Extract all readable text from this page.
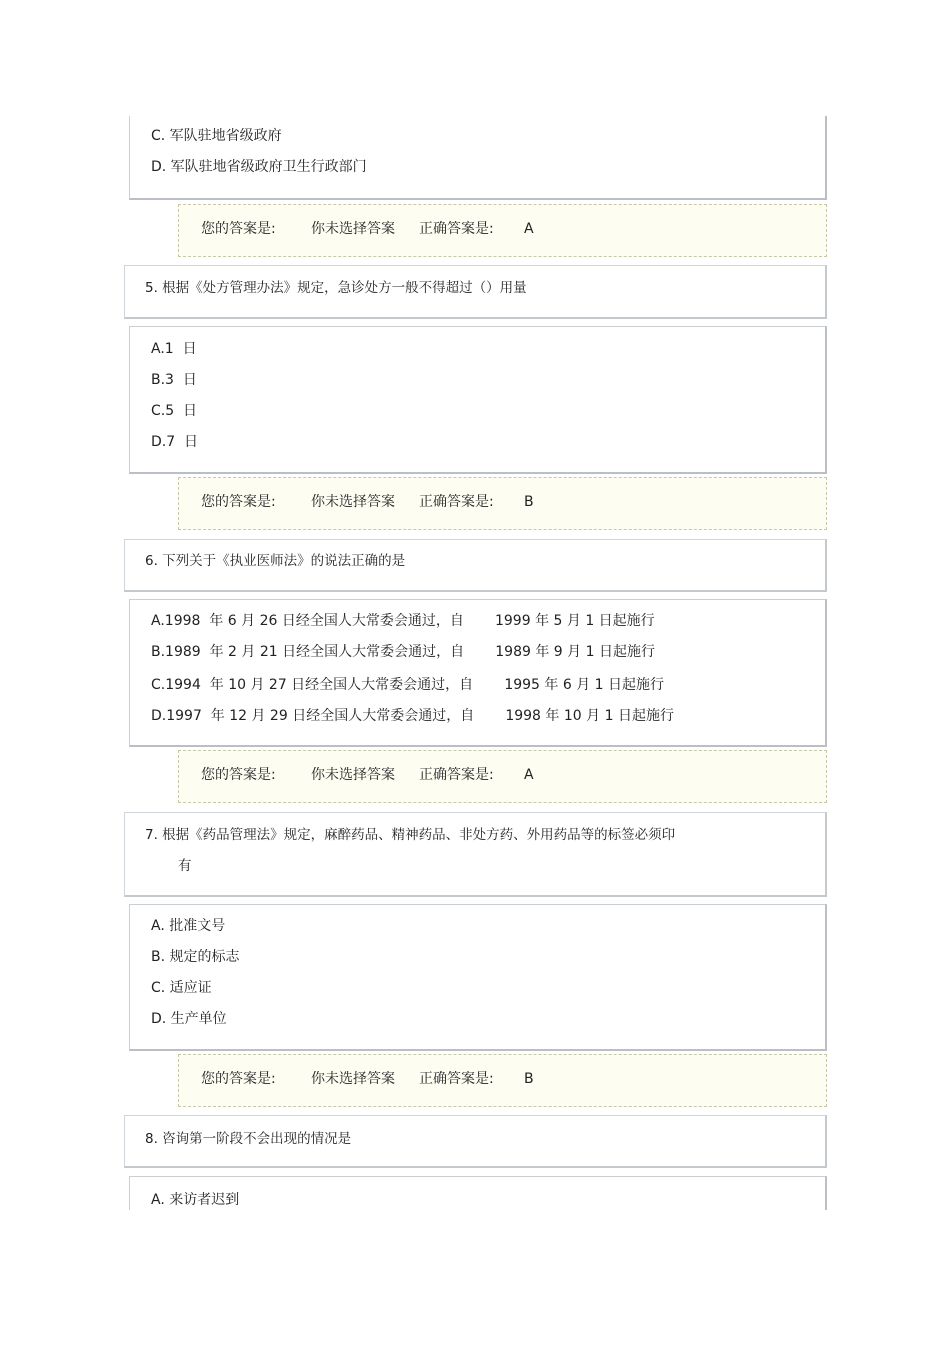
C. 军队驻地省级政府
D. 军队驻地省级政府卫生行政部门
您的答案是:	你未选择答案 正确答案是: A
5. 根据《处方管理办法》规定，急诊处方一般不得超过（）用量
A.1  日
B.3  日
C.5  日
D.7  日
您的答案是:	你未选择答案 正确答案是: B
6. 下列关于《执业医师法》的说法正确的是
A.1998  年 6 月 26 日经全国人大常委会通过，自       1999 年 5 月 1 日起施行
B.1989  年 2 月 21 日经全国人大常委会通过，自       1989 年 9 月 1 日起施行
C.1994  年 10 月 27 日经全国人大常委会通过，自       1995 年 6 月 1 日起施行
D.1997  年 12 月 29 日经全国人大常委会通过，自       1998 年 10 月 1 日起施行
您的答案是:	你未选择答案 正确答案是: A
7. 根据《药品管理法》规定，麻醉药品、精神药品、非处方药、外用药品等的标签必须印
有
A. 批准文号
B. 规定的标志
C. 适应证
D. 生产单位
您的答案是:	你未选择答案 正确答案是: B
8. 咨询第一阶段不会出现的情况是
A. 来访者迟到
